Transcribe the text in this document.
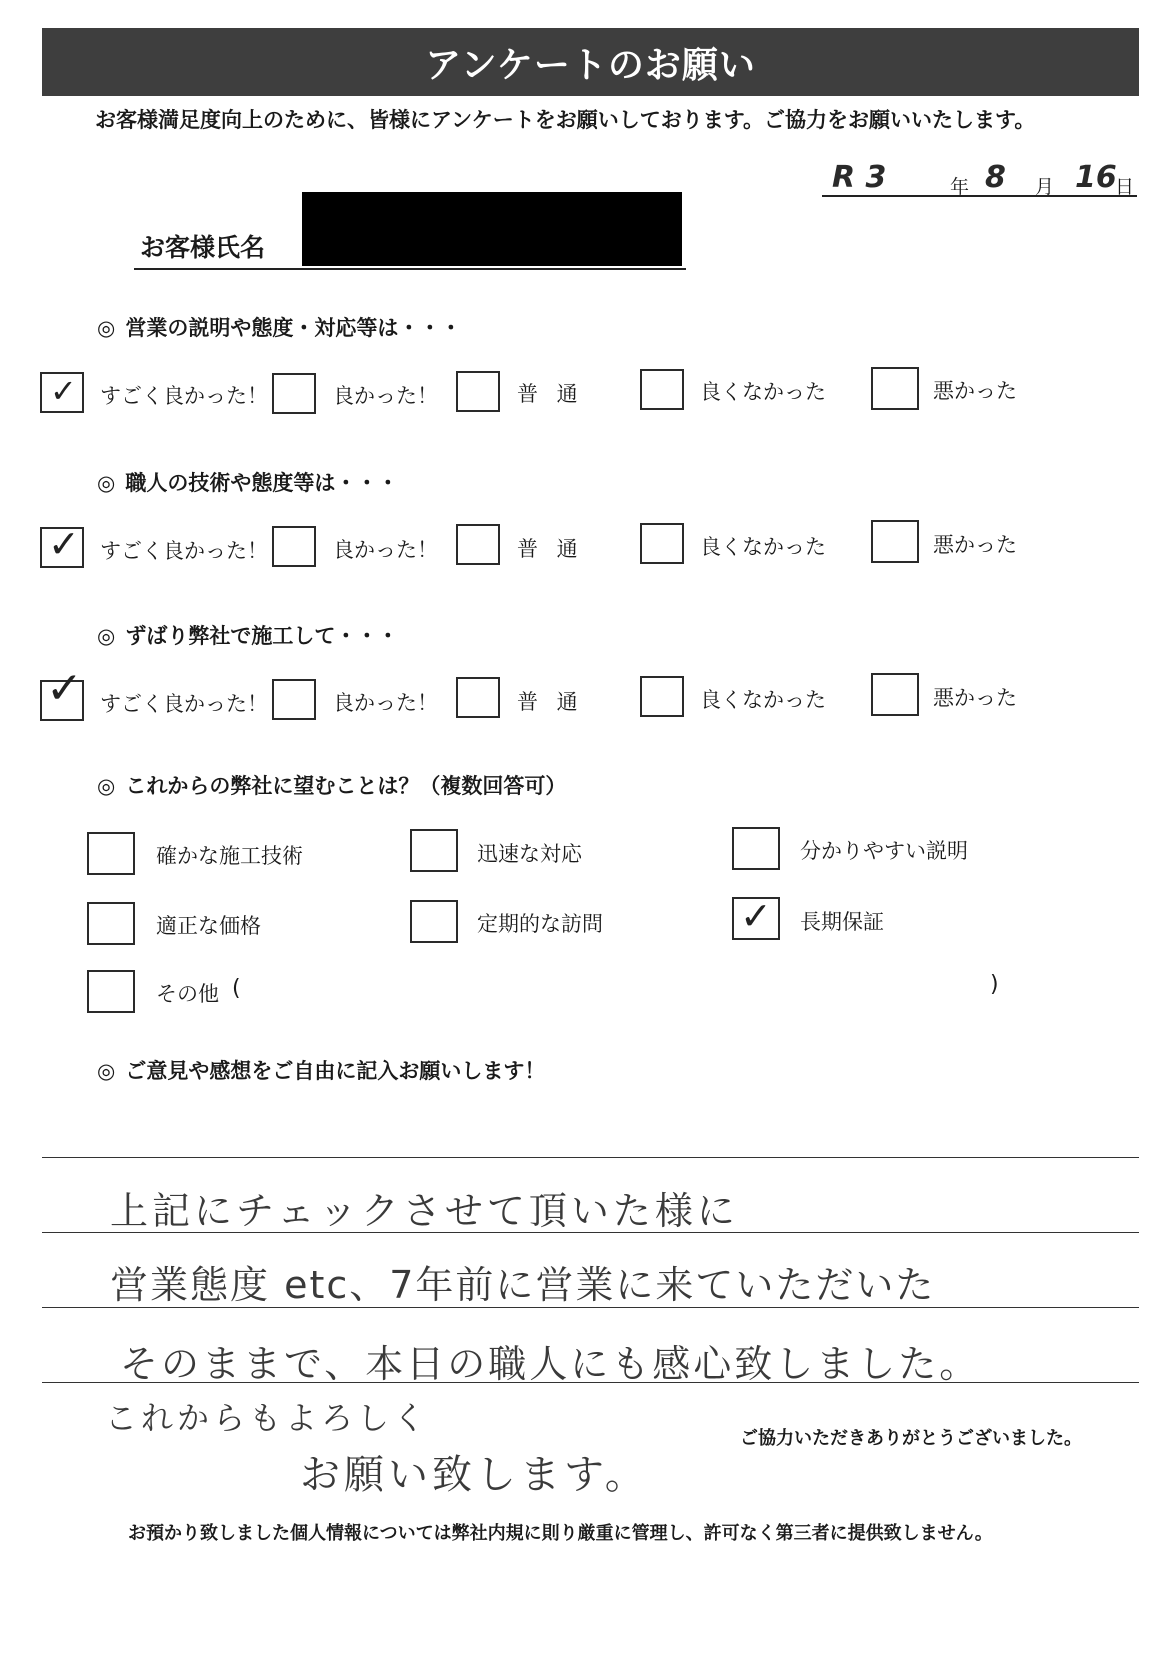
アンケートのお願い
お客様満足度向上のために、皆様にアンケートをお願いしております。ご協力をお願いいたします。
R 3	年 8 月 16
日
お客様氏名
◎ 営業の説明や態度・対応等は・・・
✓ すごく良かった！	良かった！	普 通	良くなかった	悪かった
◎ 職人の技術や態度等は・・・
✓ すごく良かった！	良かった！	普 通	良くなかった	悪かった
◎ ずばり弊社で施工して・・・
✓ すごく良かった！	良かった！	普 通	良くなかった	悪かった
◎ これからの弊社に望むことは？（複数回答可）
確かな施工技術	迅速な対応	分かりやすい説明
適正な価格	定期的な訪問	✓ 長期保証
その他 (	)
◎ ご意見や感想をご自由に記入お願いします！
上記にチェックさせて頂いた様に
営業態度 etc、7年前に営業に来ていただいた
そのままで、本日の職人にも感心致しました。
これからもよろしく
お願い致します。
ご協力いただきありがとうございました。
お預かり致しました個人情報については弊社内規に則り厳重に管理し、許可なく第三者に提供致しません。
